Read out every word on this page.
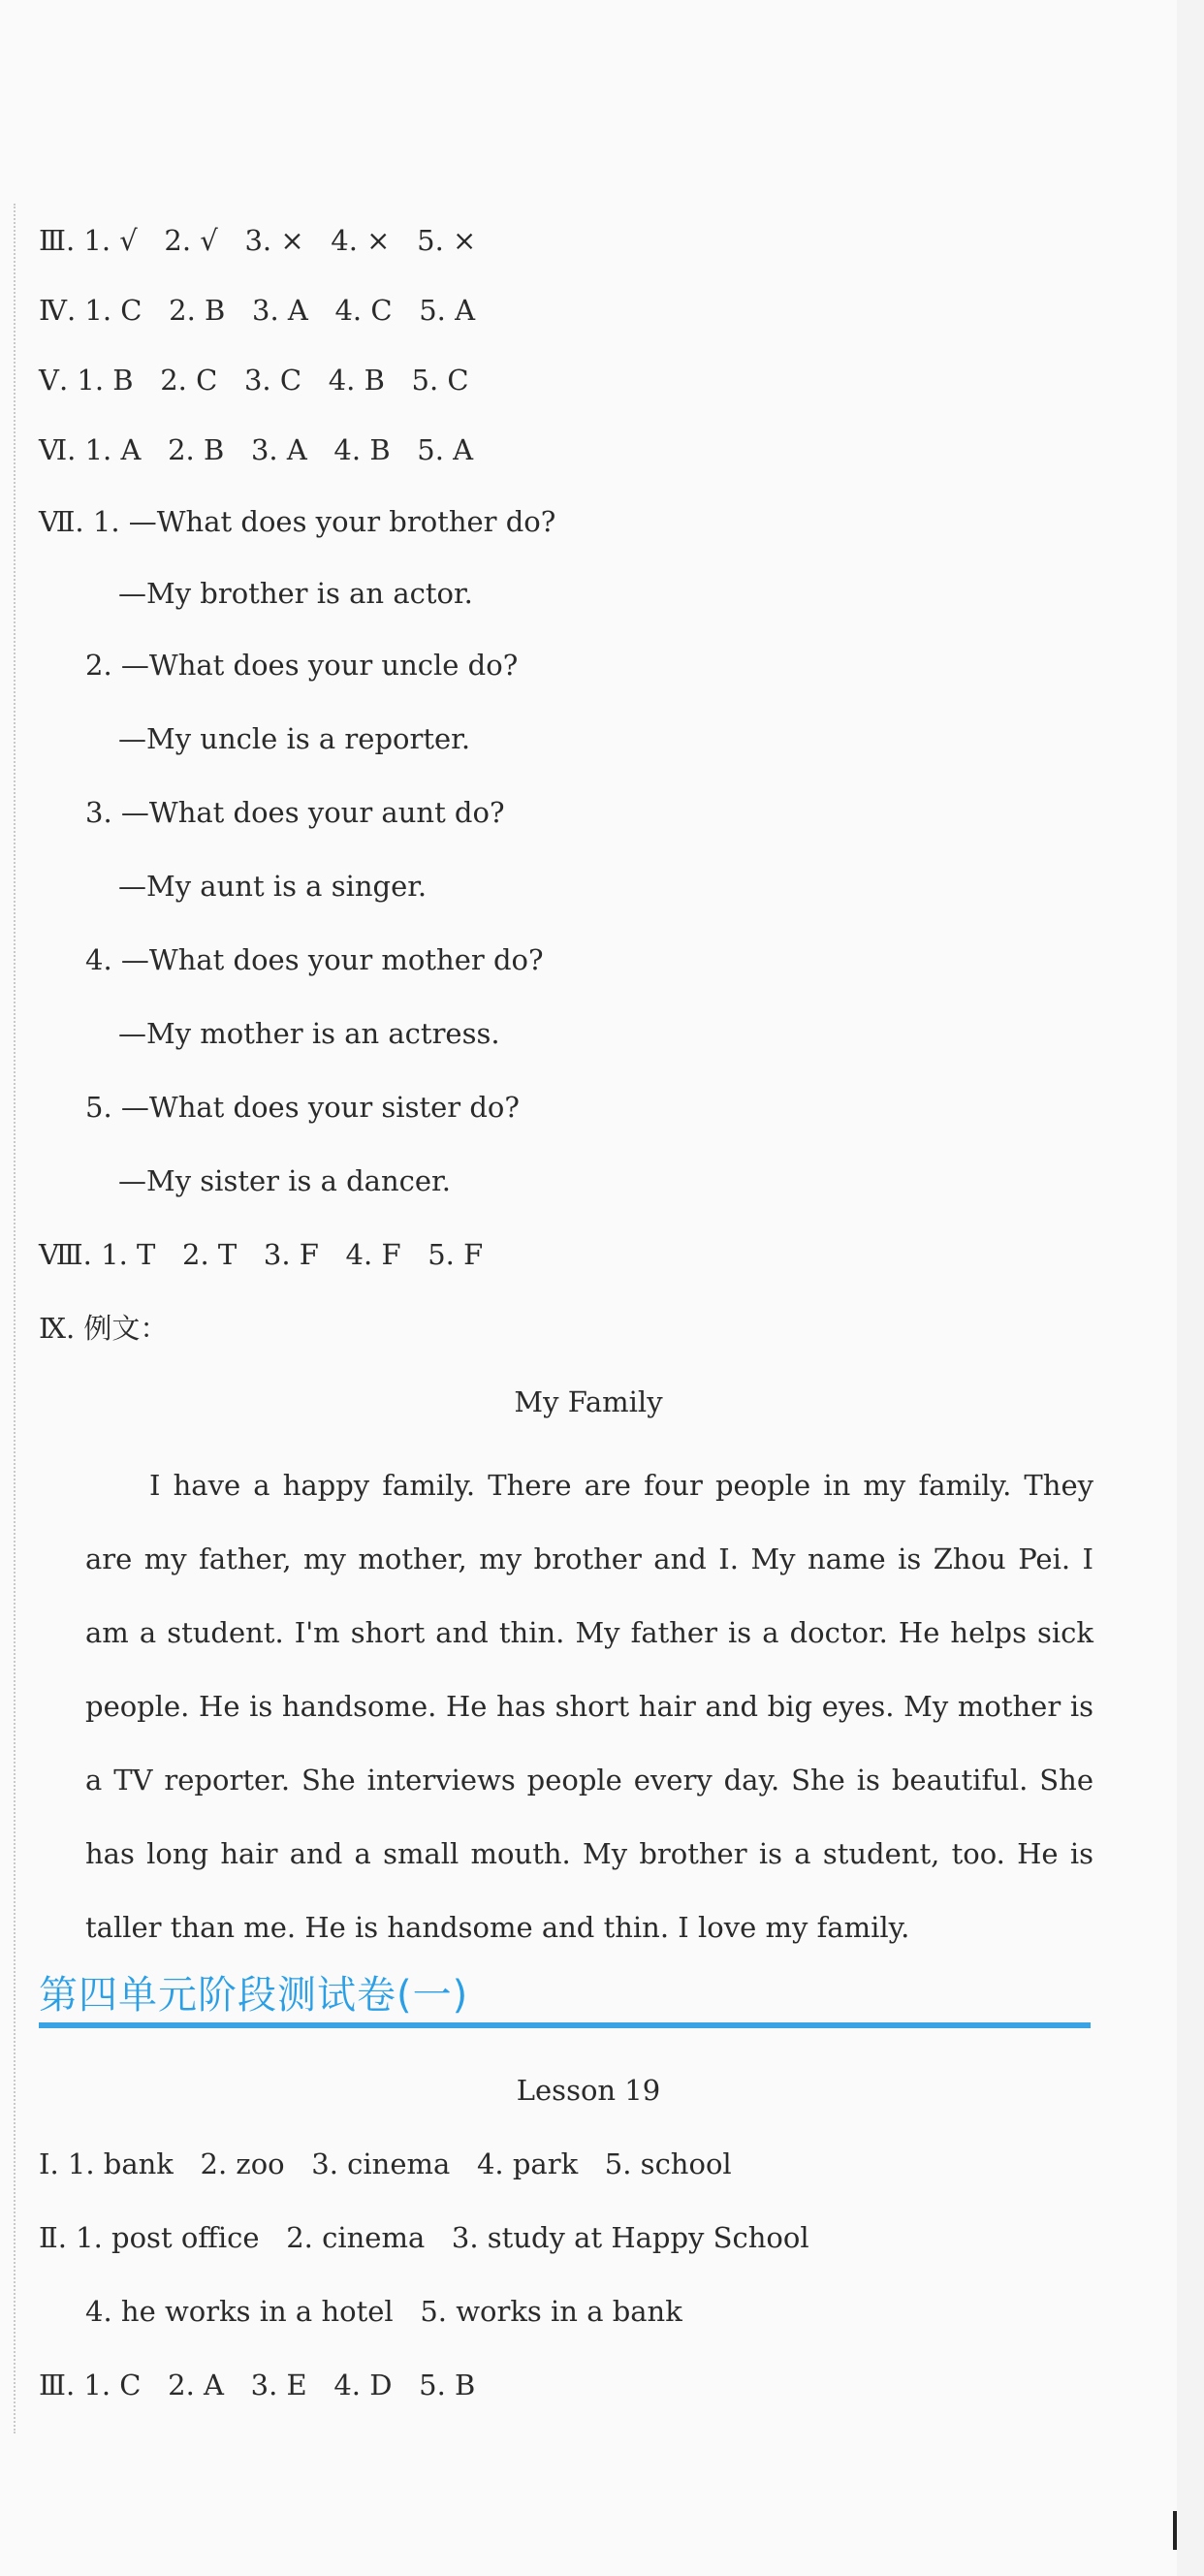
Ⅲ. 1. √   2. √   3. ×   4. ×   5. ×
Ⅳ. 1. C   2. B   3. A   4. C   5. A
Ⅴ. 1. B   2. C   3. C   4. B   5. C
Ⅵ. 1. A   2. B   3. A   4. B   5. A
Ⅶ. 1. —What does your brother do?
—My brother is an actor.
2. —What does your uncle do?
—My uncle is a reporter.
3. —What does your aunt do?
—My aunt is a singer.
4. —What does your mother do?
—My mother is an actress.
5. —What does your sister do?
—My sister is a dancer.
Ⅷ. 1. T   2. T   3. F   4. F   5. F
Ⅸ. 例文：
My Family

I have a happy family. There are four people in my family. They are my father, my mother, my brother and I. My name is Zhou Pei. I am a student. I'm short and thin. My father is a doctor. He helps sick people. He is handsome. He has short hair and big eyes. My mother is a TV reporter. She interviews people every day. She is beautiful. She has long hair and a small mouth. My brother is a student, too. He is taller than me. He is handsome and thin. I love my family.

第四单元阶段测试卷(一)
Lesson 19
Ⅰ. 1. bank   2. zoo   3. cinema   4. park   5. school
Ⅱ. 1. post office   2. cinema   3. study at Happy School
4. he works in a hotel   5. works in a bank
Ⅲ. 1. C   2. A   3. E   4. D   5. B
